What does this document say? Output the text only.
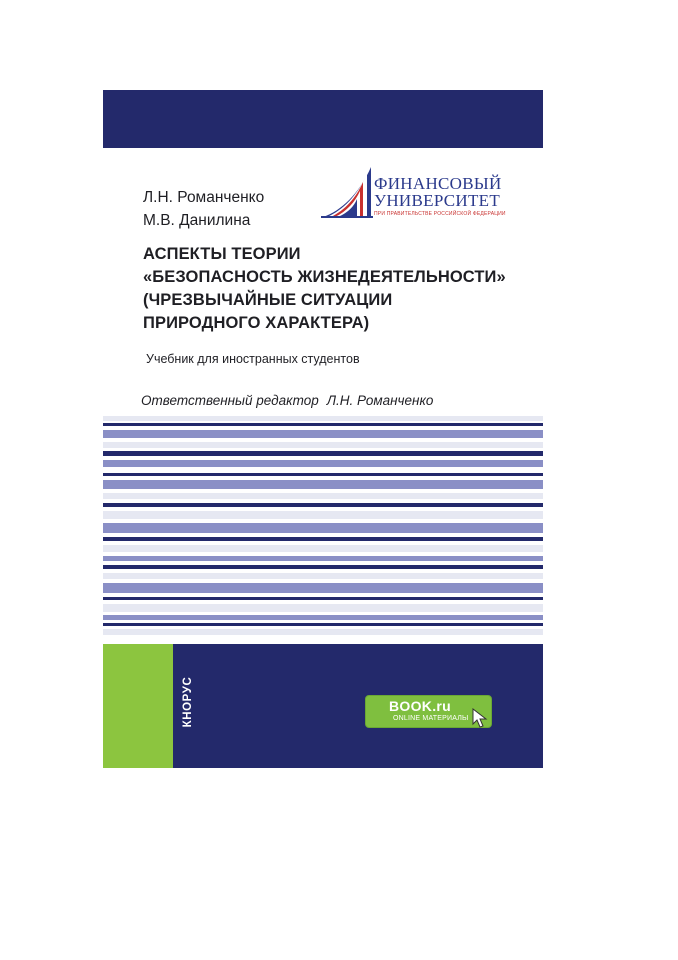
Л.Н. Романченко
М.В. Данилина
ФИНАНСОВЫЙ
УНИВЕРСИТЕТ
ПРИ ПРАВИТЕЛЬСТВЕ РОССИЙСКОЙ ФЕДЕРАЦИИ
АСПЕКТЫ ТЕОРИИ
«БЕЗОПАСНОСТЬ ЖИЗНЕДЕЯТЕЛЬНОСТИ»
(ЧРЕЗВЫЧАЙНЫЕ СИТУАЦИИ
ПРИРОДНОГО ХАРАКТЕРА)
Учебник для иностранных студентов
Ответственный редактор Л.Н. Романченко
КНОРУС	BOOK.ru
ONLINE МАТЕРИАЛЫ
